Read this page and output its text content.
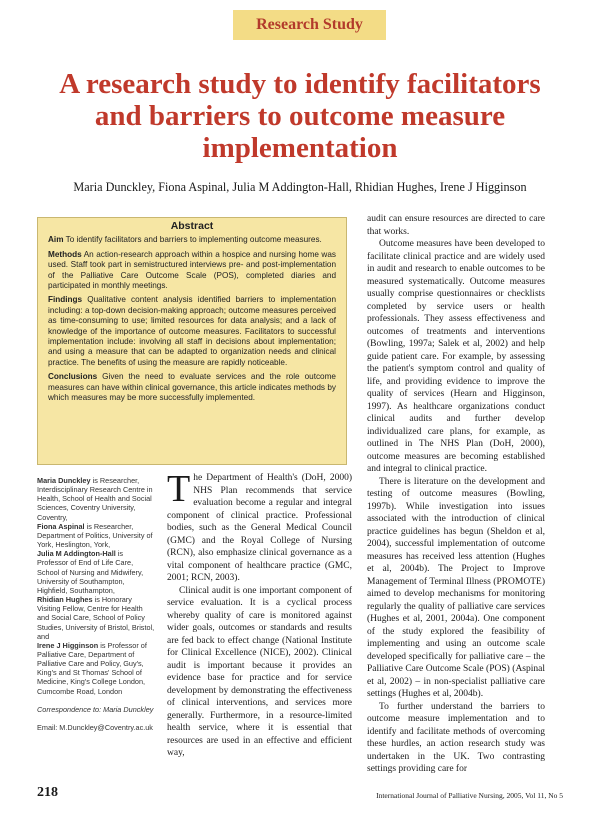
Research Study
A research study to identify facilitators and barriers to outcome measure implementation
Maria Dunckley, Fiona Aspinal, Julia M Addington-Hall, Rhidian Hughes, Irene J Higginson
Abstract

Aim To identify facilitators and barriers to implementing outcome measures.

Methods An action-research approach within a hospice and nursing home was used. Staff took part in semistructured interviews pre- and post-implementation of the Palliative Care Outcome Scale (POS), completed diaries and participated in monthly meetings.

Findings Qualitative content analysis identified barriers to implementation including: a top-down decision-making approach; outcome measures perceived as time-consuming to use; limited resources for data analysis; and a lack of knowledge of the importance of outcome measures. Facilitators to successful implementation include: involving all staff in decisions about implementation; and using a measure that can be adapted to organization needs and clinical practice. The benefits of using the measure are rapidly noticeable.

Conclusions Given the need to evaluate services and the role outcome measures can have within clinical governance, this article indicates methods by which measures may be more successfully implemented.

Maria Dunckley is Researcher, Interdisciplinary Research Centre in Health, School of Health and Social Sciences, Coventry University, Coventry,

Fiona Aspinal is Researcher, Department of Politics, University of York, Heslington, York,

Julia M Addington-Hall is Professor of End of Life Care, School of Nursing and Midwifery, University of Southampton, Highfield, Southampton,

Rhidian Hughes is Honorary Visiting Fellow, Centre for Health and Social Care, School of Policy Studies, University of Bristol, Bristol, and

Irene J Higginson is Professor of Palliative Care, Department of Palliative Care and Policy, Guy's, King's and St Thomas' School of Medicine, King's College London, Cumcombe Road, London

Correspondence to: Maria Dunckley

Email: M.Dunckley@Coventry.ac.uk

The Department of Health's (DoH, 2000) NHS Plan recommends that service evaluation become a regular and integral component of clinical practice. Professional bodies, such as the General Medical Council (GMC) and the Royal College of Nursing (RCN), also emphasize clinical governance as a vital component of healthcare practice (GMC, 2001; RCN, 2003).

Clinical audit is one important component of service evaluation. It is a cyclical process whereby quality of care is monitored against wider goals, outcomes or standards and results are fed back to effect change (National Institute for Clinical Excellence (NICE), 2002). Clinical audit is important because it provides an evidence base for practice and for service development by demonstrating the effectiveness of clinical interventions, and services more generally. Furthermore, in a resource-limited health service, where it is essential that resources are used in an effective and efficient way,

audit can ensure resources are directed to care that works.

Outcome measures have been developed to facilitate clinical practice and are widely used in audit and research to enable outcomes to be measured systematically. Outcome measures usually comprise questionnaires or checklists completed by service users or health professionals. They assess effectiveness and outcomes of treatments and interventions (Bowling, 1997a; Salek et al, 2002) and help guide patient care. For example, by assessing the patient's symptom control and quality of life, and providing evidence to improve the quality of services (Hearn and Higginson, 1997). As healthcare organizations conduct clinical audits and further develop individualized care plans, for example, as outlined in The NHS Plan (DoH, 2000), outcome measures are becoming established and integral to clinical practice.

There is literature on the development and testing of outcome measures (Bowling, 1997b). While investigation into issues associated with the introduction of clinical practice guidelines has begun (Sheldon et al, 2004), successful implementation of outcome measures has received less attention (Hughes et al, 2004b). The Project to Improve Management of Terminal Illness (PROMOTE) aimed to develop mechanisms for monitoring regularly the quality of palliative care services (Hughes et al, 2001, 2004a). One component of the study explored the feasibility of implementing and using an outcome scale developed specifically for palliative care – the Palliative Care Outcome Scale (POS) (Aspinal et al, 2002) – in non-specialist palliative care settings (Hughes et al, 2004b).

To further understand the barriers to outcome measure implementation and to identify and facilitate methods of overcoming these hurdles, an action research study was undertaken in the UK. Two contrasting settings providing care for

218	International Journal of Palliative Nursing, 2005, Vol 11, No 5
